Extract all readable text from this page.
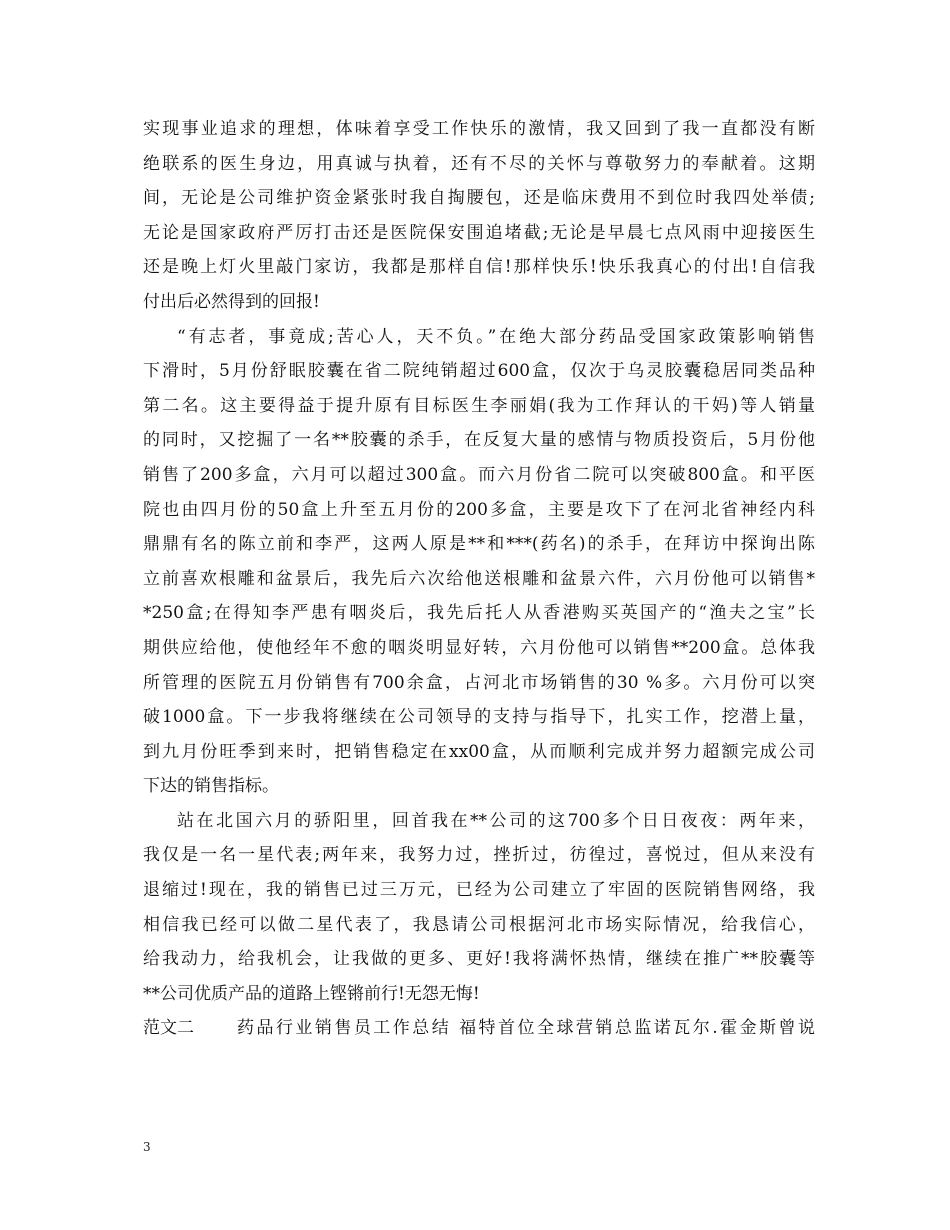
实现事业追求的理想，体味着享受工作快乐的激情，我又回到了我一直都没有断
绝联系的医生身边，用真诚与执着，还有不尽的关怀与尊敬努力的奉献着。这期
间，无论是公司维护资金紧张时我自掏腰包，还是临床费用不到位时我四处举债;
无论是国家政府严厉打击还是医院保安围追堵截;无论是早晨七点风雨中迎接医生
还是晚上灯火里敲门家访，我都是那样自信!那样快乐!快乐我真心的付出!自信我
付出后必然得到的回报!
“有志者，事竟成;苦心人，天不负。”在绝大部分药品受国家政策影响销售
下滑时，5月份舒眠胶囊在省二院纯销超过600盒，仅次于乌灵胶囊稳居同类品种
第二名。这主要得益于提升原有目标医生李丽娟(我为工作拜认的干妈)等人销量
的同时，又挖掘了一名**胶囊的杀手，在反复大量的感情与物质投资后，5月份他
销售了200多盒，六月可以超过300盒。而六月份省二院可以突破800盒。和平医
院也由四月份的50盒上升至五月份的200多盒，主要是攻下了在河北省神经内科
鼎鼎有名的陈立前和李严，这两人原是**和***(药名)的杀手，在拜访中探询出陈
立前喜欢根雕和盆景后，我先后六次给他送根雕和盆景六件，六月份他可以销售*
*250盒;在得知李严患有咽炎后，我先后托人从香港购买英国产的“渔夫之宝”长
期供应给他，使他经年不愈的咽炎明显好转，六月份他可以销售**200盒。总体我
所管理的医院五月份销售有700余盒，占河北市场销售的30 %多。六月份可以突
破1000盒。下一步我将继续在公司领导的支持与指导下，扎实工作，挖潜上量，
到九月份旺季到来时，把销售稳定在xx00盒，从而顺利完成并努力超额完成公司
下达的销售指标。
站在北国六月的骄阳里，回首我在**公司的这700多个日日夜夜：两年来，
我仅是一名一星代表;两年来，我努力过，挫折过，彷徨过，喜悦过，但从来没有
退缩过!现在，我的销售已过三万元，已经为公司建立了牢固的医院销售网络，我
相信我已经可以做二星代表了，我恳请公司根据河北市场实际情况，给我信心，
给我动力，给我机会，让我做的更多、更好!我将满怀热情，继续在推广**胶囊等
**公司优质产品的道路上铿锵前行!无怨无悔!
范文二	药品行业销售员工作总结 福特首位全球营销总监诺瓦尔.霍金斯曾说
3
